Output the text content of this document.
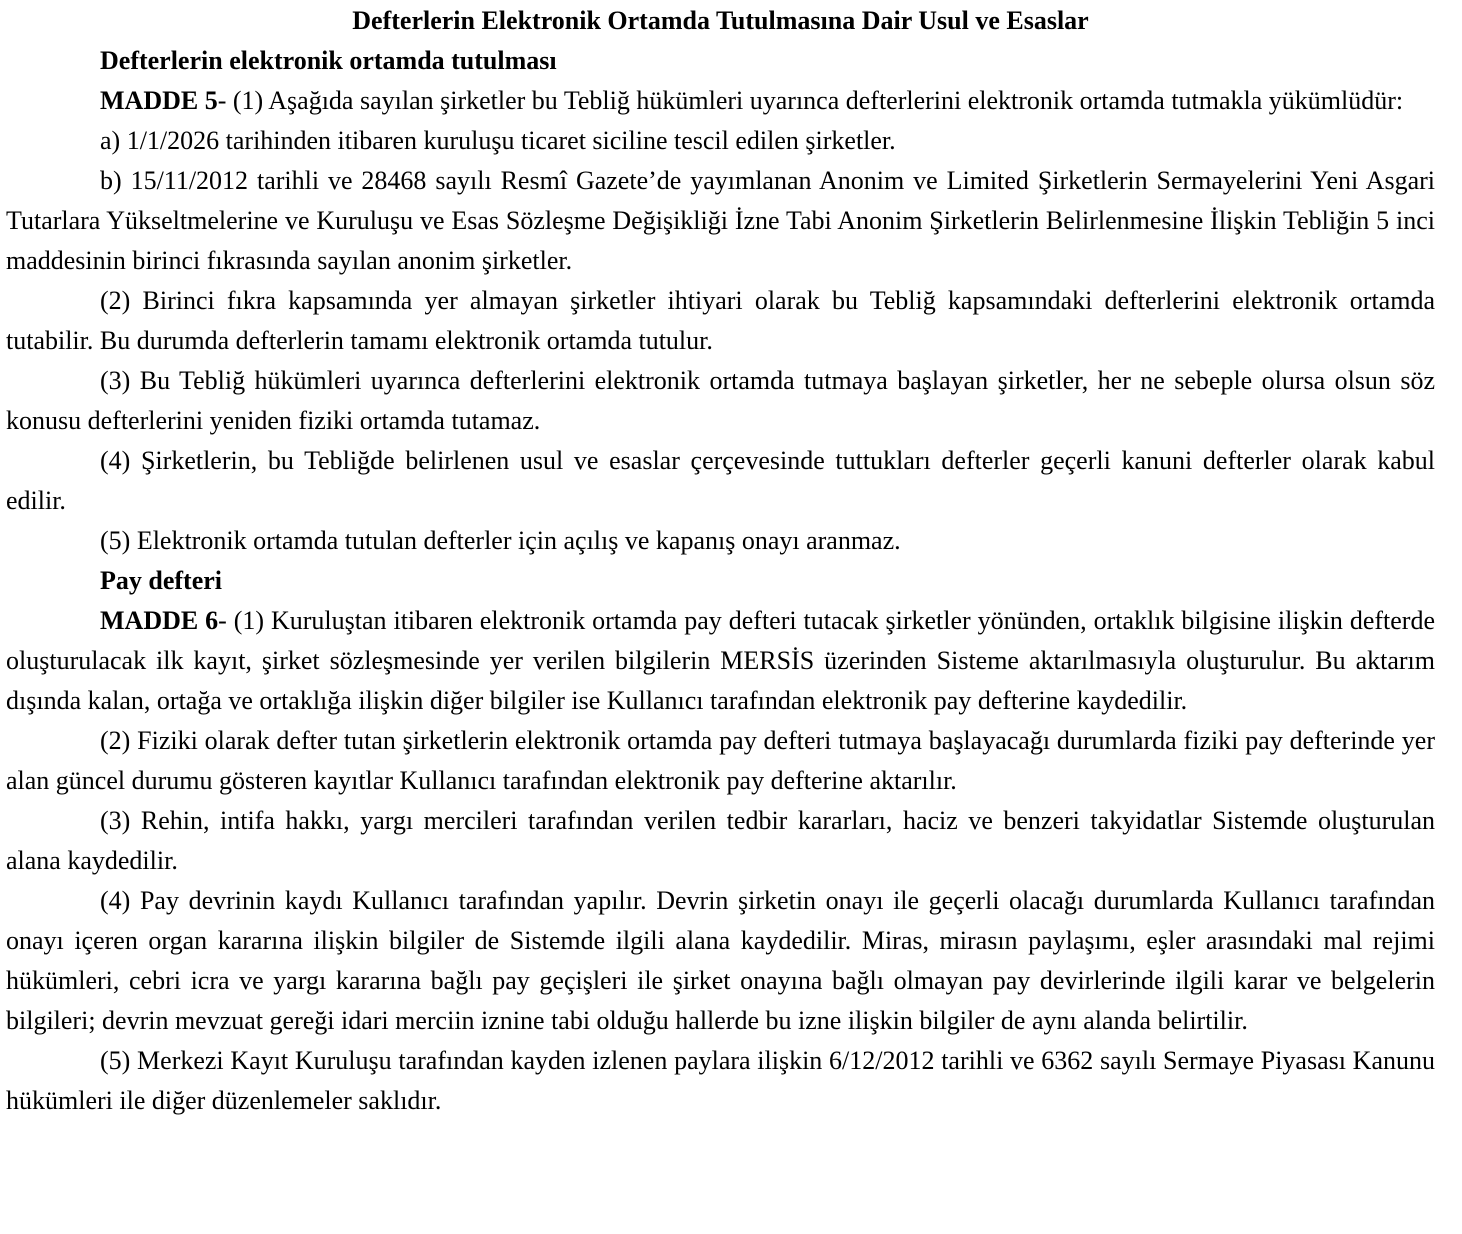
Defterlerin Elektronik Ortamda Tutulmasına Dair Usul ve Esaslar

Defterlerin elektronik ortamda tutulması

MADDE 5- (1) Aşağıda sayılan şirketler bu Tebliğ hükümleri uyarınca defterlerini elektronik ortamda tutmakla yükümlüdür:

a) 1/1/2026 tarihinden itibaren kuruluşu ticaret siciline tescil edilen şirketler.

b) 15/11/2012 tarihli ve 28468 sayılı Resmî Gazete’de yayımlanan Anonim ve Limited Şirketlerin Sermayelerini Yeni Asgari Tutarlara Yükseltmelerine ve Kuruluşu ve Esas Sözleşme Değişikliği İzne Tabi Anonim Şirketlerin Belirlenmesine İlişkin Tebliğin 5 inci maddesinin birinci fıkrasında sayılan anonim şirketler.

(2) Birinci fıkra kapsamında yer almayan şirketler ihtiyari olarak bu Tebliğ kapsamındaki defterlerini elektronik ortamda tutabilir. Bu durumda defterlerin tamamı elektronik ortamda tutulur.

(3) Bu Tebliğ hükümleri uyarınca defterlerini elektronik ortamda tutmaya başlayan şirketler, her ne sebeple olursa olsun söz konusu defterlerini yeniden fiziki ortamda tutamaz.

(4) Şirketlerin, bu Tebliğde belirlenen usul ve esaslar çerçevesinde tuttukları defterler geçerli kanuni defterler olarak kabul edilir.

(5) Elektronik ortamda tutulan defterler için açılış ve kapanış onayı aranmaz.

Pay defteri

MADDE 6- (1) Kuruluştan itibaren elektronik ortamda pay defteri tutacak şirketler yönünden, ortaklık bilgisine ilişkin defterde oluşturulacak ilk kayıt, şirket sözleşmesinde yer verilen bilgilerin MERSİS üzerinden Sisteme aktarılmasıyla oluşturulur. Bu aktarım dışında kalan, ortağa ve ortaklığa ilişkin diğer bilgiler ise Kullanıcı tarafından elektronik pay defterine kaydedilir.

(2) Fiziki olarak defter tutan şirketlerin elektronik ortamda pay defteri tutmaya başlayacağı durumlarda fiziki pay defterinde yer alan güncel durumu gösteren kayıtlar Kullanıcı tarafından elektronik pay defterine aktarılır.

(3) Rehin, intifa hakkı, yargı mercileri tarafından verilen tedbir kararları, haciz ve benzeri takyidatlar Sistemde oluşturulan alana kaydedilir.

(4) Pay devrinin kaydı Kullanıcı tarafından yapılır. Devrin şirketin onayı ile geçerli olacağı durumlarda Kullanıcı tarafından onayı içeren organ kararına ilişkin bilgiler de Sistemde ilgili alana kaydedilir. Miras, mirasın paylaşımı, eşler arasındaki mal rejimi hükümleri, cebri icra ve yargı kararına bağlı pay geçişleri ile şirket onayına bağlı olmayan pay devirlerinde ilgili karar ve belgelerin bilgileri; devrin mevzuat gereği idari merciin iznine tabi olduğu hallerde bu izne ilişkin bilgiler de aynı alanda belirtilir.

(5) Merkezi Kayıt Kuruluşu tarafından kayden izlenen paylara ilişkin 6/12/2012 tarihli ve 6362 sayılı Sermaye Piyasası Kanunu hükümleri ile diğer düzenlemeler saklıdır.
